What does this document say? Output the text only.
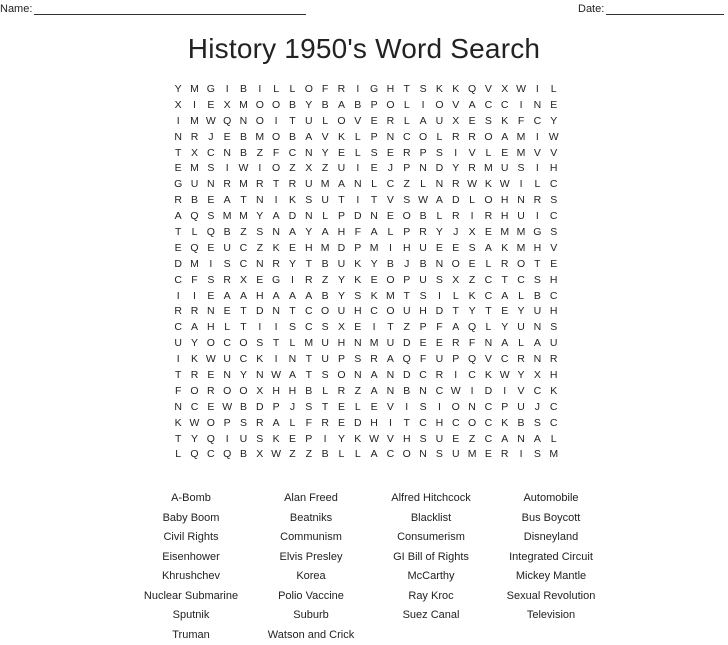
Name:	Date:
History 1950's Word Search
Y M G	I	B	I	L L O F R	I	G H T S K K Q V X W I	L
X	I	E X M O O B Y B A B P O L	I	O V A C C	I	N E
I M W Q N O	I	T U L O V E R L A U X E S K F C Y
N R J E B M O B A V K L P N C O L R R O A M	I W
T X C N B Z F C N Y E L S E R P S	I	V L E M V V
E M S	I W I	O Z X Z U	I	E J P N D Y R M U S	I	H
G U N R M R T R U M A N L C Z L N R W K W I	L C
R B E A T N	I	K S U T	I	T V S W A D L O H N R S
A Q S M M Y A D N L P D N E O B L R	I	R H U	I	C
T L Q B Z S N A Y A H F A L P R Y J X E M M G S
E Q E U C Z K E H M D P M	I	H U E E S A K M H V
D M	I	S C N R Y T B U K Y B J B N O E L R O T E
C F S R X E G	I	R Z Y K E O P U S X Z C T C S H
I	I	E A A H A A A B Y S K M T S	I	L K C A L B C
R R N E T D N T C O U H C O U H D T Y T E Y U H
C A H L T	I	I	S C S X E	I	T Z P F A Q L Y U N S
U Y O C O S T L M U H N M U D E E R F N A L A U
I	K W U C K	I	N T U P S R A Q F U P Q V C R N R
T R E N Y N W A T S O N A N D C R	I	C K W Y X H
F O R O O X H H B L R Z A N B N C W I	D	I	V C K
N C E W B D P J S T E L E V	I	S	I	O N C P U J C
K W O P S R A L F R E D H	I	T C H C O C K B S C
T Y Q	I	U S K E P	I	Y K W V H S U E Z C A N A L
L Q C Q B X W Z Z B L L A C O N S U M E R	I	S M
A-Bomb	Alan Freed	Alfred Hitchcock	Automobile
Baby Boom	Beatniks	Blacklist	Bus Boycott
Civil Rights	Communism	Consumerism	Disneyland
Eisenhower	Elvis Presley	GI Bill of Rights	Integrated Circuit
Khrushchev	Korea	McCarthy	Mickey Mantle
Nuclear Submarine	Polio Vaccine	Ray Kroc	Sexual Revolution
Sputnik	Suburb	Suez Canal	Television
Truman	Watson and Crick
